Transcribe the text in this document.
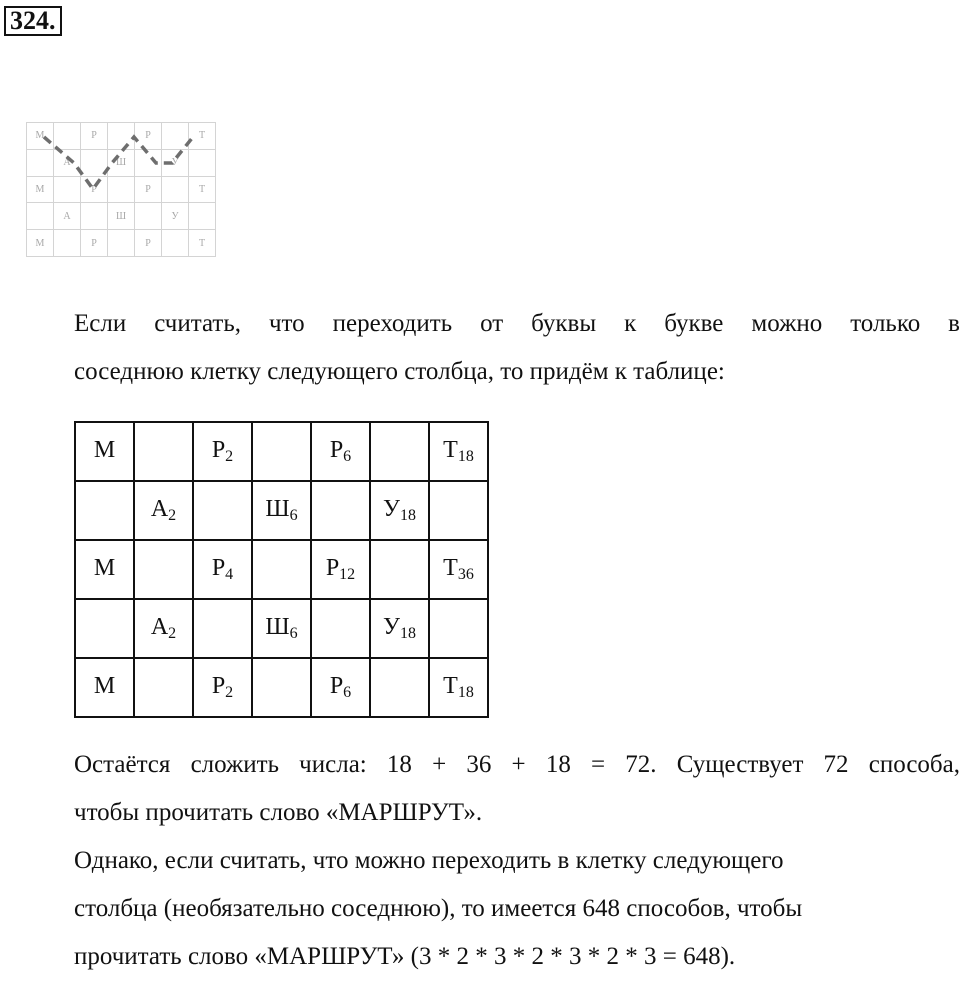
324.
М		Р		Р		Т
	А		Ш		У	
М		Р		Р		Т
	А		Ш		У	
М		Р		Р		Т

Если считать, что переходить от буквы к букве можно только в
соседнюю клетку следующего столбца, то придём к таблице:

М		$Р_2$		$Р_6$		$Т_{18}$
	$А_2$		$Ш_6$		$У_{18}$	
М		$Р_4$		$Р_{12}$		$Т_{36}$
	$А_2$		$Ш_6$		$У_{18}$	
М		$Р_2$		$Р_6$		$Т_{18}$

Остаётся сложить числа: 18 + 36 + 18 = 72. Существует 72 способа,
чтобы прочитать слово «МАРШРУТ».
Однако, если считать, что можно переходить в клетку следующего
столбца (необязательно соседнюю), то имеется 648 способов, чтобы
прочитать слово «МАРШРУТ» (3 * 2 * 3 * 2 * 3 * 2 * 3 = 648).
